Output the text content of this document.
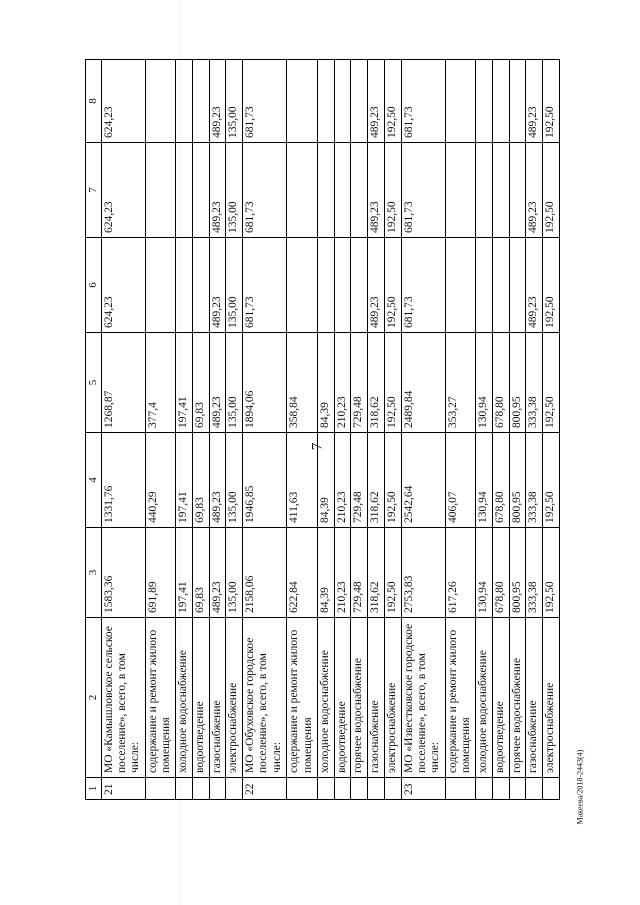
7
Макеева/2018-2443(4)
1	2	3	4	5	6	7	8
21	МО «Камышловское сельское поселение», всего, в том числе:	1583,36	1331,76	1268,87	624,23	624,23	624,23
	содержание и ремонт жилого помещения	691,89	440,29	377,4			
	холодное водоснабжение	197,41	197,41	197,41			
	водоотведение	69,83	69,83	69,83			
	газоснабжение	489,23	489,23	489,23	489,23	489,23	489,23
	электроснабжение	135,00	135,00	135,00	135,00	135,00	135,00
22	МО «Обуховское городское поселение», всего, в том числе:	2158,06	1946,85	1894,06	681,73	681,73	681,73
	содержание и ремонт жилого помещения	622,84	411,63	358,84			
	холодное водоснабжение	84,39	84,39	84,39			
	водоотведение	210,23	210,23	210,23			
	горячее водоснабжение	729,48	729,48	729,48			
	газоснабжение	318,62	318,62	318,62	489,23	489,23	489,23
	электроснабжение	192,50	192,50	192,50	192,50	192,50	192,50
23	МО «Известковское городское поселение», всего, в том числе:	2753,83	2542,64	2489,84	681,73	681,73	681,73
	содержание и ремонт жилого помещения	617,26	406,07	353,27			
	холодное водоснабжение	130,94	130,94	130,94			
	водоотведение	678,80	678,80	678,80			
	горячее водоснабжение	800,95	800,95	800,95			
	газоснабжение	333,38	333,38	333,38	489,23	489,23	489,23
	электроснабжение	192,50	192,50	192,50	192,50	192,50	192,50
